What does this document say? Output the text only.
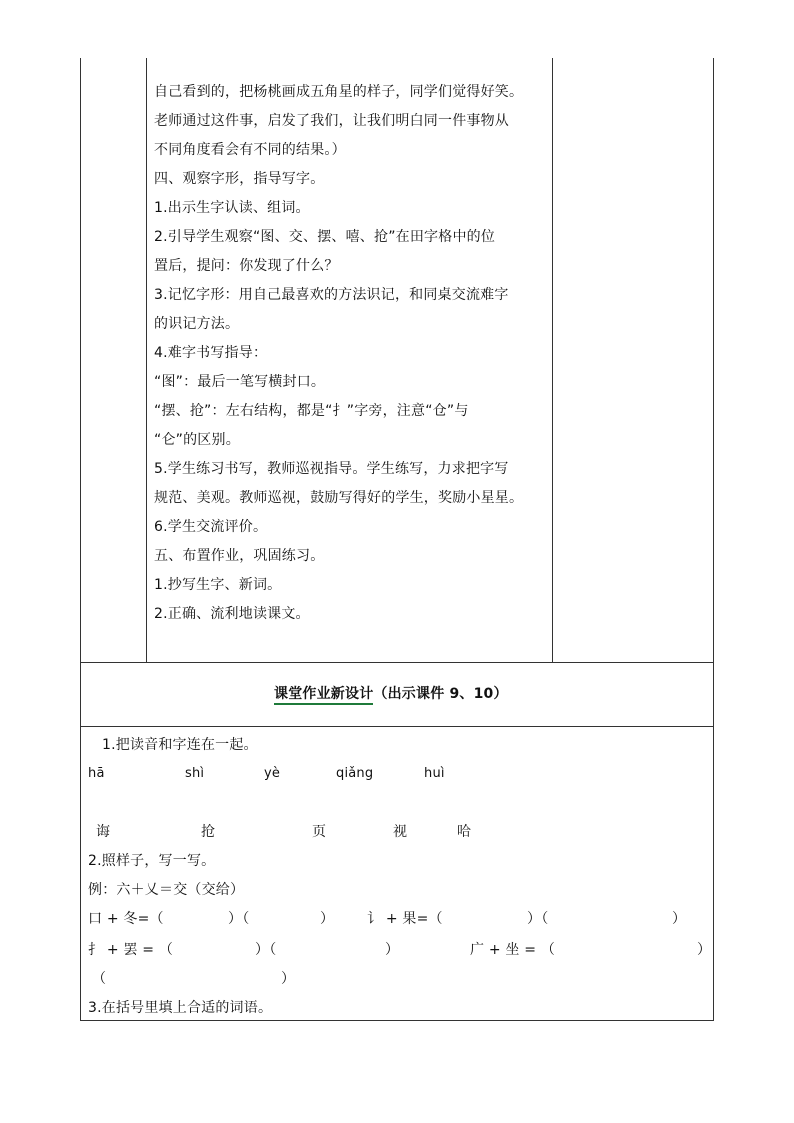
自己看到的，把杨桃画成五角星的样子，同学们觉得好笑。
老师通过这件事，启发了我们，让我们明白同一件事物从
不同角度看会有不同的结果。）
四、观察字形，指导写字。
1.出示生字认读、组词。
2.引导学生观察“图、交、摆、嘻、抢”在田字格中的位
置后，提问：你发现了什么？
3.记忆字形：用自己最喜欢的方法识记，和同桌交流难字
的识记方法。
4.难字书写指导：
“图”：最后一笔写横封口。
“摆、抢”：左右结构，都是“扌”字旁，注意“仓”与
“仑”的区别。
5.学生练习书写，教师巡视指导。学生练写，力求把字写
规范、美观。教师巡视，鼓励写得好的学生，奖励小星星。
6.学生交流评价。
五、布置作业，巩固练习。
1.抄写生字、新词。
2.正确、流利地读课文。
课堂作业新设计（出示课件 9、10）
1.把读音和字连在一起。
hā	shì	yè	qiǎng	huì
诲	抢	页	视	哈
2.照样子，写一写。
例：六＋乂＝交（交给）
口 + 冬=（	）（	） 讠 + 果=（	）（	）
扌 + 罢 = （	）（	）	广 + 坐 = （	）
（	）
3.在括号里填上合适的词语。
